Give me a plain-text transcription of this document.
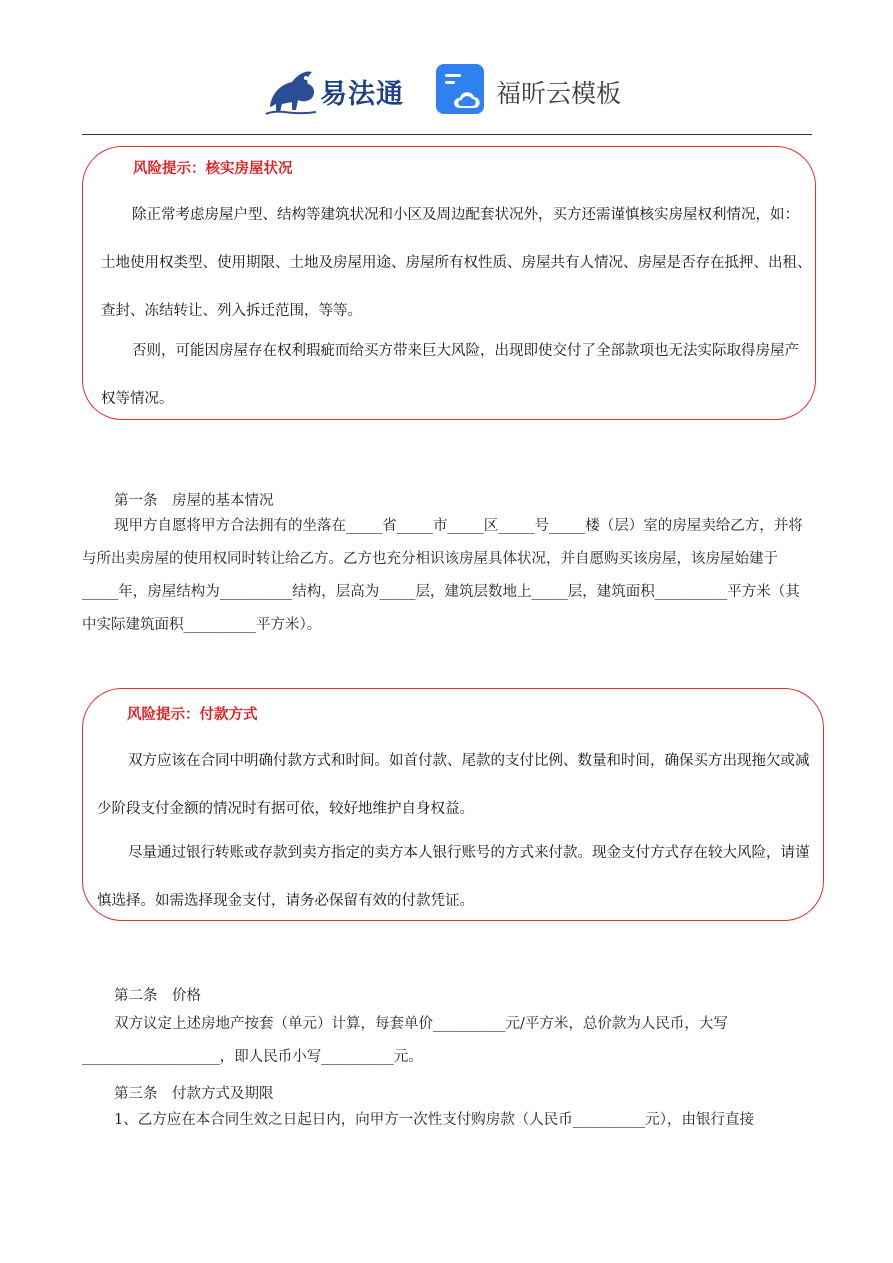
易法通	福昕云模板
风险提示：核实房屋状况
除正常考虑房屋户型、结构等建筑状况和小区及周边配套状况外，买方还需谨慎核实房屋权利情况，如：土地使用权类型、使用期限、土地及房屋用途、房屋所有权性质、房屋共有人情况、房屋是否存在抵押、出租、查封、冻结转让、列入拆迁范围，等等。
否则，可能因房屋存在权利瑕疵而给买方带来巨大风险，出现即使交付了全部款项也无法实际取得房屋产权等情况。
第一条　房屋的基本情况
现甲方自愿将甲方合法拥有的坐落在_____省_____市_____区_____号_____楼（层）室的房屋卖给乙方，并将与所出卖房屋的使用权同时转让给乙方。乙方也充分相识该房屋具体状况，并自愿购买该房屋，该房屋始建于_____年，房屋结构为__________结构，层高为_____层，建筑层数地上_____层，建筑面积__________平方米（其中实际建筑面积__________平方米）。
风险提示：付款方式
双方应该在合同中明确付款方式和时间。如首付款、尾款的支付比例、数量和时间，确保买方出现拖欠或减少阶段支付金额的情况时有据可依，较好地维护自身权益。
尽量通过银行转账或存款到卖方指定的卖方本人银行账号的方式来付款。现金支付方式存在较大风险，请谨慎选择。如需选择现金支付，请务必保留有效的付款凭证。
第二条　价格
双方议定上述房地产按套（单元）计算，每套单价__________元/平方米，总价款为人民币，大写___________________，即人民币小写__________元。
第三条　付款方式及期限
1、乙方应在本合同生效之日起日内，向甲方一次性支付购房款（人民币__________元），由银行直接
